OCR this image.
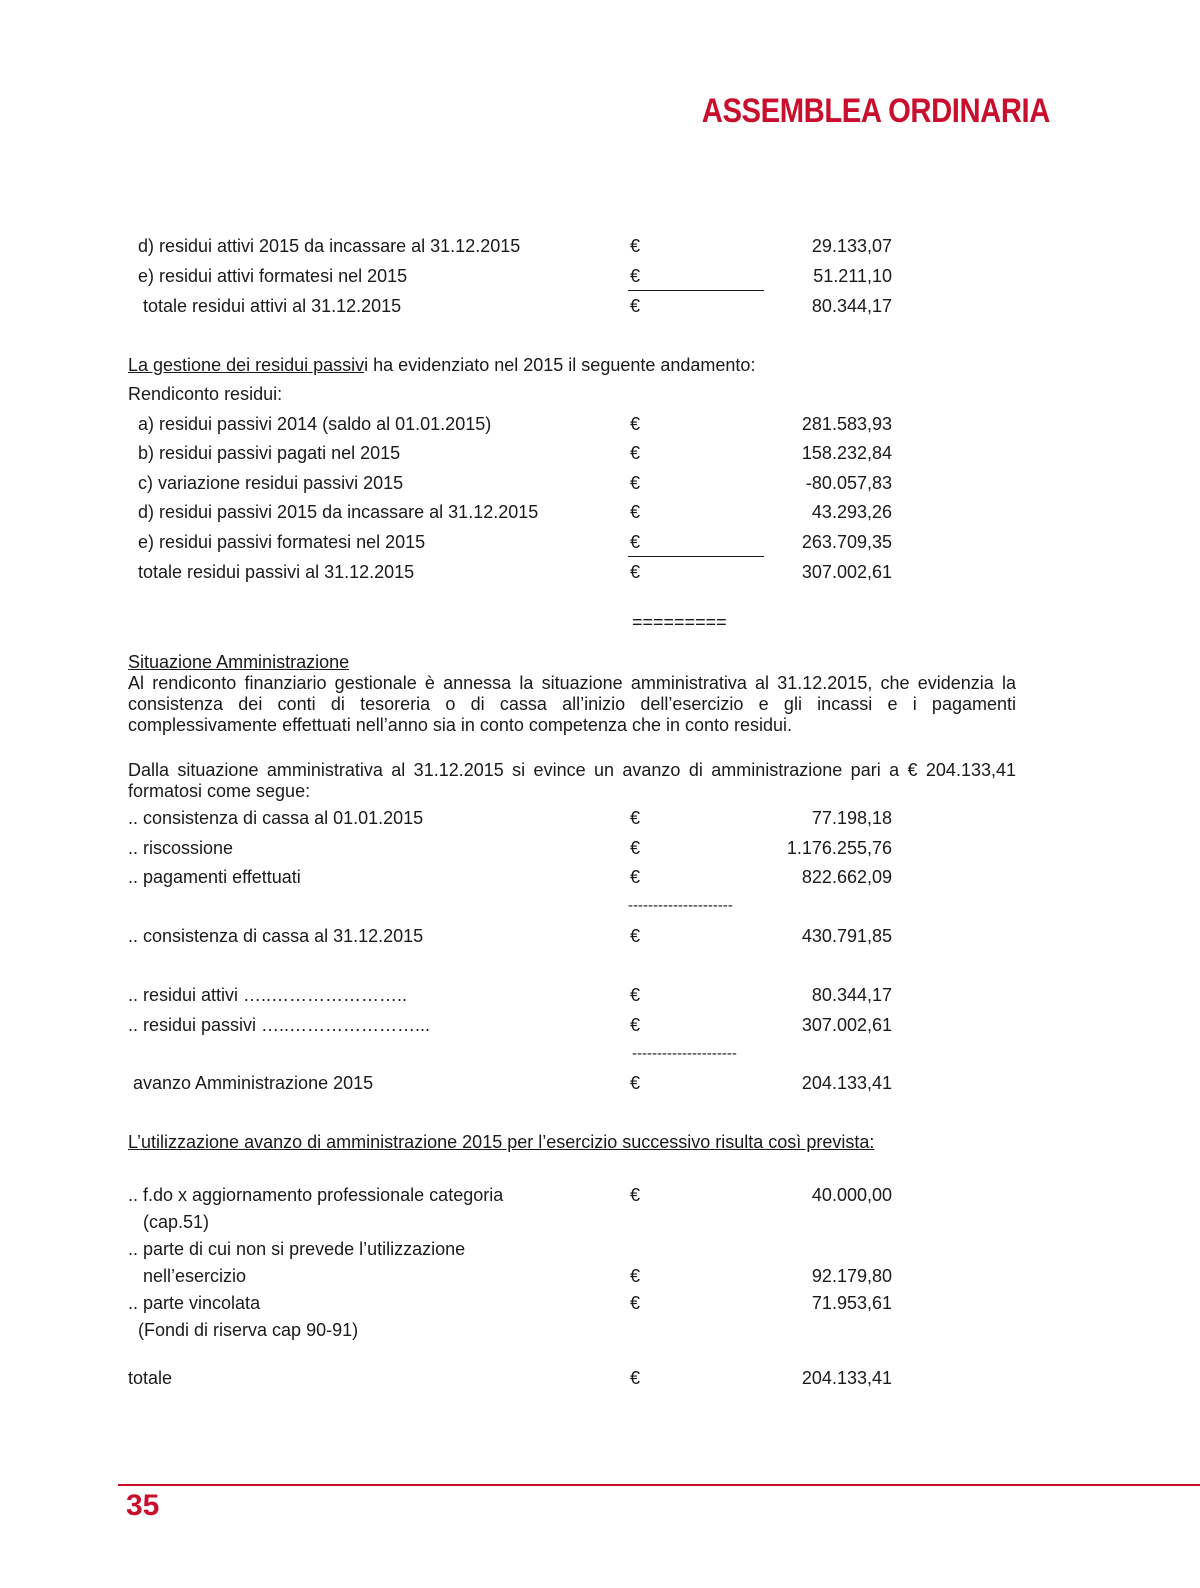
ASSEMBLEA ORDINARIA
d) residui attivi 2015 da incassare al 31.12.2015	€	29.133,07
e) residui attivi formatesi nel 2015	€	51.211,10
totale residui attivi al 31.12.2015	€	80.344,17
La gestione dei residui passivi ha evidenziato nel 2015 il seguente andamento:
Rendiconto residui:
a) residui passivi 2014 (saldo al 01.01.2015)	€	281.583,93
b) residui passivi pagati nel 2015	€	158.232,84
c) variazione residui passivi 2015	€	-80.057,83
d) residui passivi 2015 da incassare al 31.12.2015	€	43.293,26
e) residui passivi formatesi nel 2015	€	263.709,35
totale residui passivi al 31.12.2015	€	307.002,61
=========
Situazione Amministrazione
Al rendiconto finanziario gestionale è annessa la situazione amministrativa al 31.12.2015, che evidenzia la consistenza dei conti di tesoreria o di cassa all’inizio dell’esercizio e gli incassi e i pagamenti complessivamente effettuati nell’anno sia in conto competenza che in conto residui.
Dalla situazione amministrativa al 31.12.2015 si evince un avanzo di amministrazione pari a € 204.133,41 formatosi come segue:
.. consistenza di cassa al 01.01.2015	€	77.198,18
.. riscossione	€	1.176.255,76
.. pagamenti effettuati	€	822.662,09
---------------------
.. consistenza di cassa al 31.12.2015	€	430.791,85
.. residui attivi …..…………………..	€	80.344,17
.. residui passivi …..…………………...	€	307.002,61
---------------------
avanzo Amministrazione 2015	€	204.133,41
L’utilizzazione avanzo di amministrazione 2015 per l’esercizio successivo risulta così prevista:
.. f.do x aggiornamento professionale categoria	€	40.000,00
(cap.51)
.. parte di cui non si prevede l’utilizzazione
nell’esercizio	€	92.179,80
.. parte vincolata	€	71.953,61
(Fondi di riserva cap 90-91)
totale	€	204.133,41
35
